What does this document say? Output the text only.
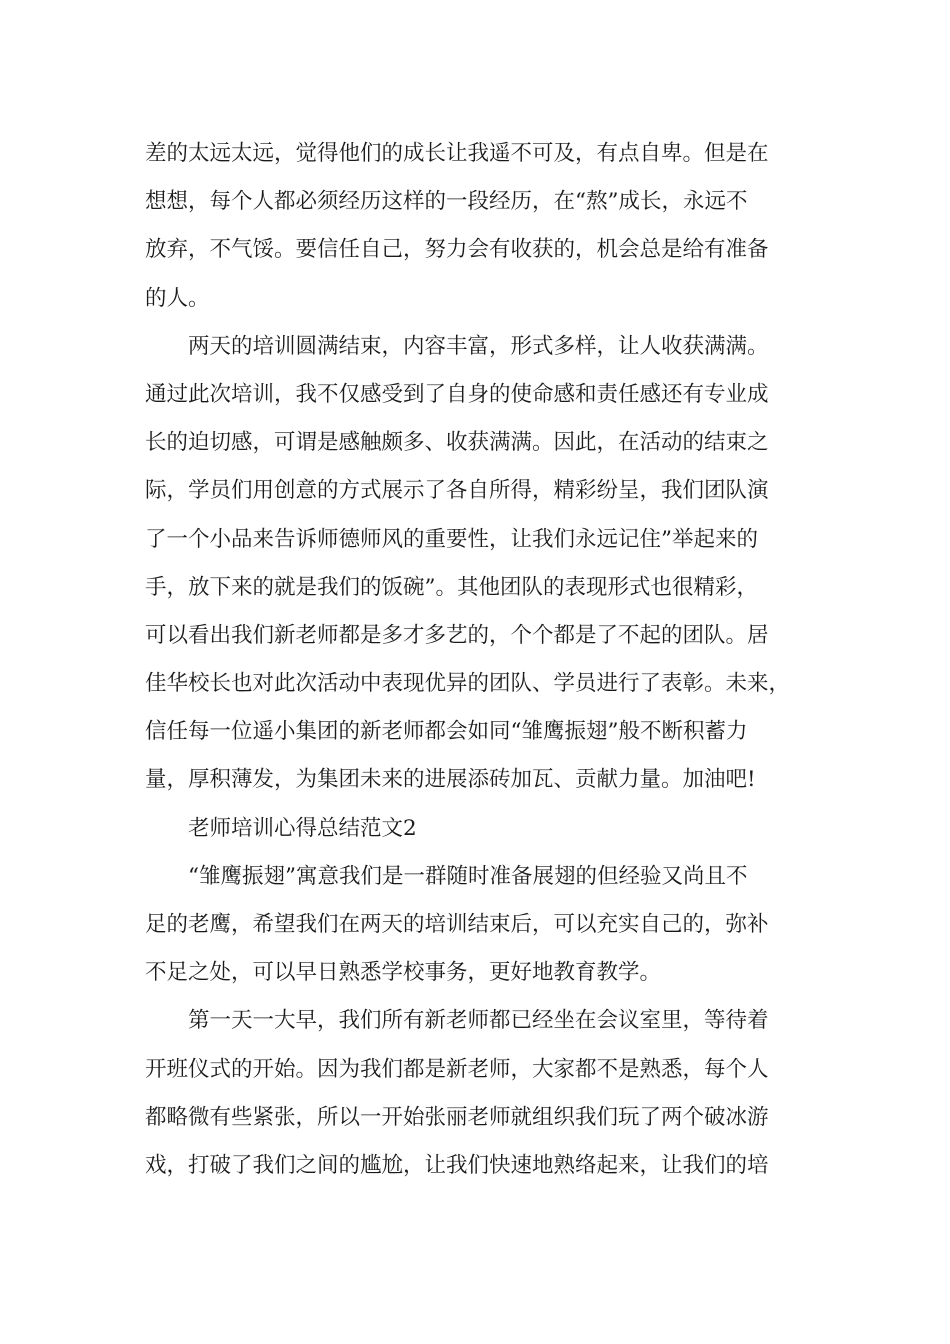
差的太远太远，觉得他们的成长让我遥不可及，有点自卑。但是在
想想，每个人都必须经历这样的一段经历，在“熬”成长，永远不
放弃，不气馁。要信任自己，努力会有收获的，机会总是给有准备
的人。
两天的培训圆满结束，内容丰富，形式多样，让人收获满满。
通过此次培训，我不仅感受到了自身的使命感和责任感还有专业成
长的迫切感，可谓是感触颇多、收获满满。因此，在活动的结束之
际，学员们用创意的方式展示了各自所得，精彩纷呈，我们团队演
了一个小品来告诉师德师风的重要性，让我们永远记住”举起来的
手，放下来的就是我们的饭碗”。其他团队的表现形式也很精彩，
可以看出我们新老师都是多才多艺的，个个都是了不起的团队。居
佳华校长也对此次活动中表现优异的团队、学员进行了表彰。未来，
信任每一位遥小集团的新老师都会如同“雏鹰振翅”般不断积蓄力
量，厚积薄发，为集团未来的进展添砖加瓦、贡献力量。加油吧!
老师培训心得总结范文2
“雏鹰振翅”寓意我们是一群随时准备展翅的但经验又尚且不
足的老鹰，希望我们在两天的培训结束后，可以充实自己的，弥补
不足之处，可以早日熟悉学校事务，更好地教育教学。
第一天一大早，我们所有新老师都已经坐在会议室里，等待着
开班仪式的开始。因为我们都是新老师，大家都不是熟悉，每个人
都略微有些紧张，所以一开始张丽老师就组织我们玩了两个破冰游
戏，打破了我们之间的尴尬，让我们快速地熟络起来，让我们的培
